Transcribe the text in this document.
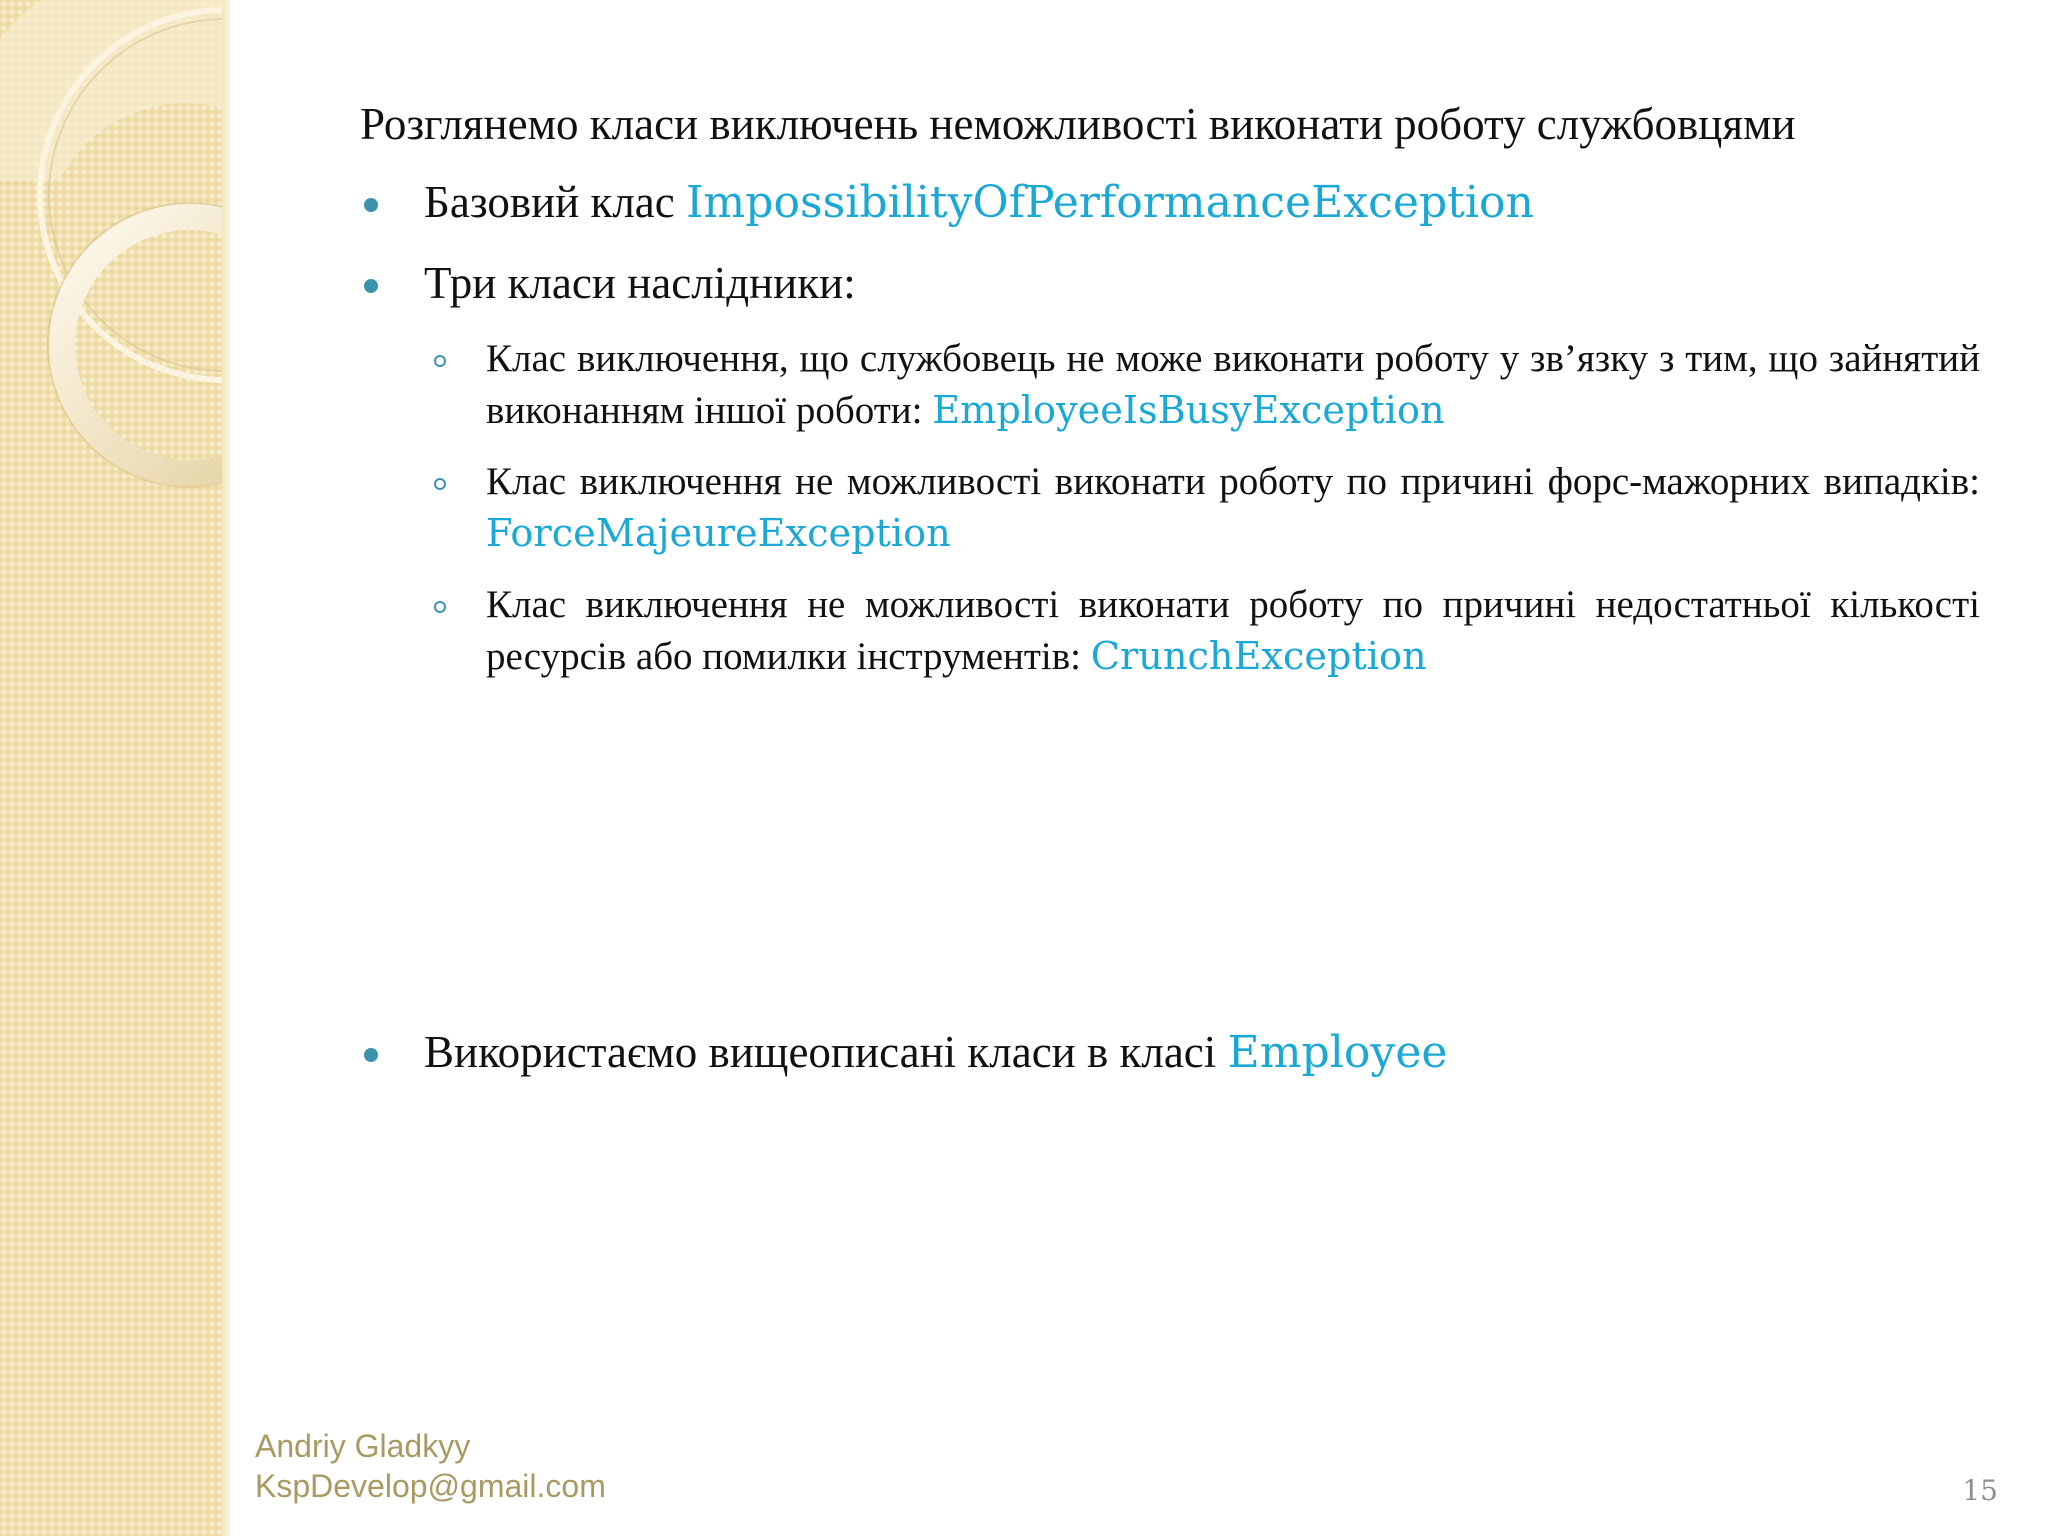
Розглянемо класи виключень неможливості виконати роботу службовцями

Базовий клас ImpossibilityOfPerformanceException
Три класи наслідники:
Клас виключення, що службовець не може виконати роботу у зв’язку з тим, що зайнятий виконанням іншої роботи: EmployeeIsBusyException
Клас виключення не можливості виконати роботу по причині форс-мажорних випадків: ForceMajeureException
Клас виключення не можливості виконати роботу по причині недостатньої кількості ресурсів або помилки інструментів: CrunchException
Використаємо вищеописані класи в класі Employee
Andriy Gladkyy
KspDevelop@gmail.com	15
